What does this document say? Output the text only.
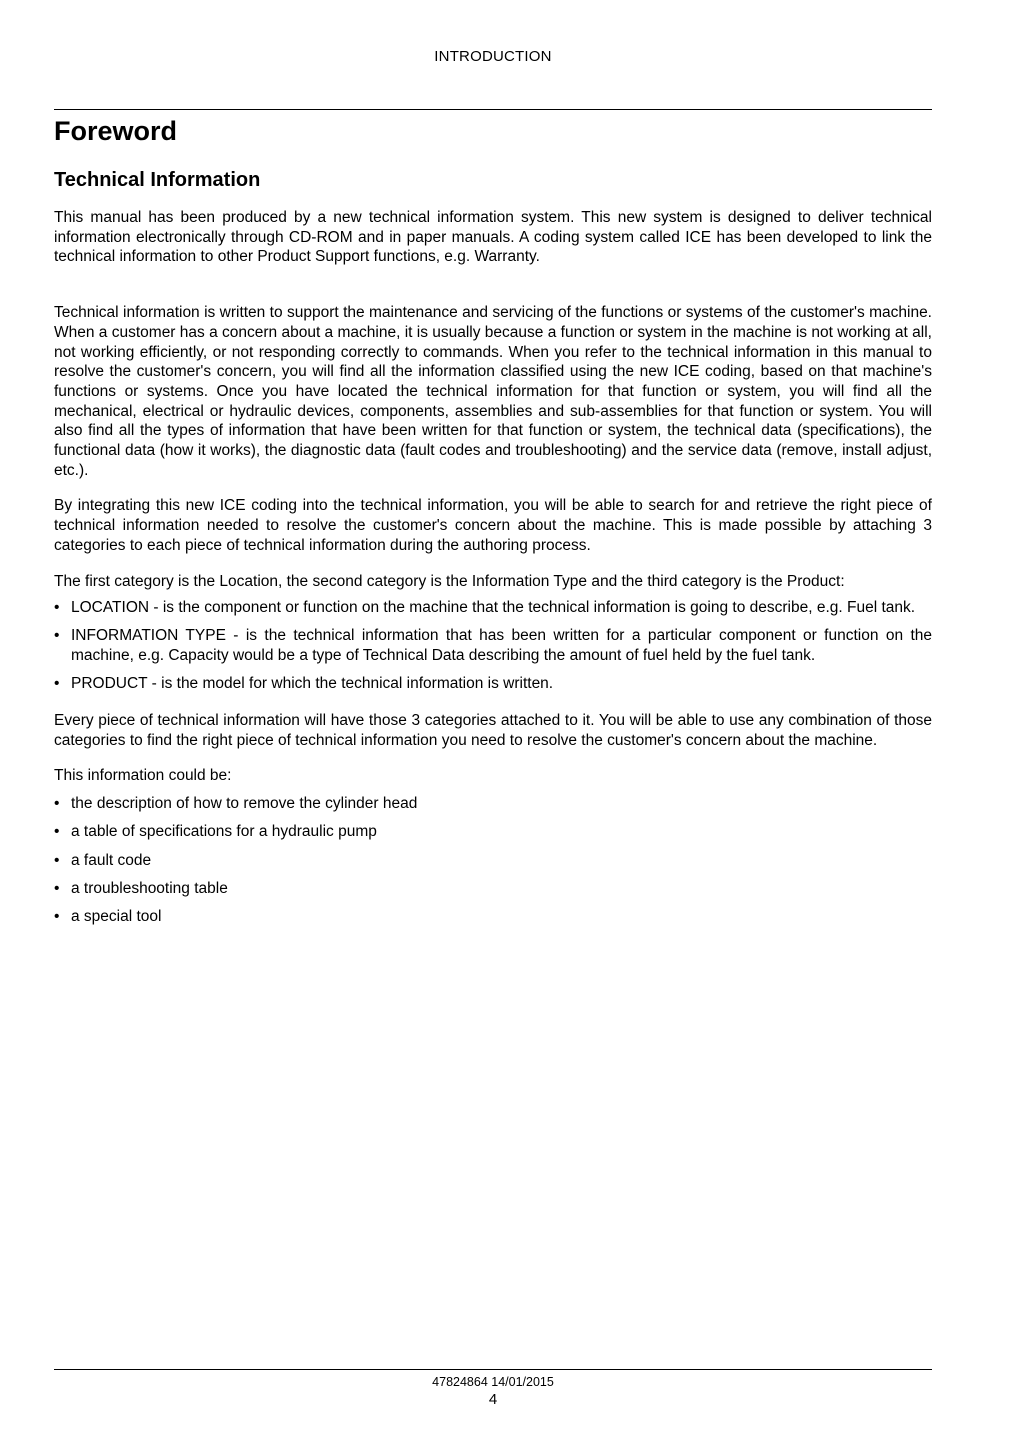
INTRODUCTION
Foreword
Technical Information

This manual has been produced by a new technical information system. This new system is designed to deliver technical information electronically through CD-ROM and in paper manuals. A coding system called ICE has been developed to link the technical information to other Product Support functions, e.g. Warranty.

Technical information is written to support the maintenance and servicing of the functions or systems of the customer's machine. When a customer has a concern about a machine, it is usually because a function or system in the machine is not working at all, not working efficiently, or not responding correctly to commands. When you refer to the technical information in this manual to resolve the customer's concern, you will find all the information classified using the new ICE coding, based on that machine's functions or systems. Once you have located the technical information for that function or system, you will find all the mechanical, electrical or hydraulic devices, components, assemblies and sub-assemblies for that function or system. You will also find all the types of information that have been written for that function or system, the technical data (specifications), the functional data (how it works), the diagnostic data (fault codes and troubleshooting) and the service data (remove, install adjust, etc.).

By integrating this new ICE coding into the technical information, you will be able to search for and retrieve the right piece of technical information needed to resolve the customer's concern about the machine. This is made possible by attaching 3 categories to each piece of technical information during the authoring process.

The first category is the Location, the second category is the Information Type and the third category is the Product:

• LOCATION - is the component or function on the machine that the technical information is going to describe, e.g. Fuel tank.
• INFORMATION TYPE - is the technical information that has been written for a particular component or function on the machine, e.g. Capacity would be a type of Technical Data describing the amount of fuel held by the fuel tank.
• PRODUCT - is the model for which the technical information is written.

Every piece of technical information will have those 3 categories attached to it. You will be able to use any combination of those categories to find the right piece of technical information you need to resolve the customer's concern about the machine.

This information could be:

• the description of how to remove the cylinder head
• a table of specifications for a hydraulic pump
• a fault code
• a troubleshooting table
• a special tool
47824864 14/01/2015
4
